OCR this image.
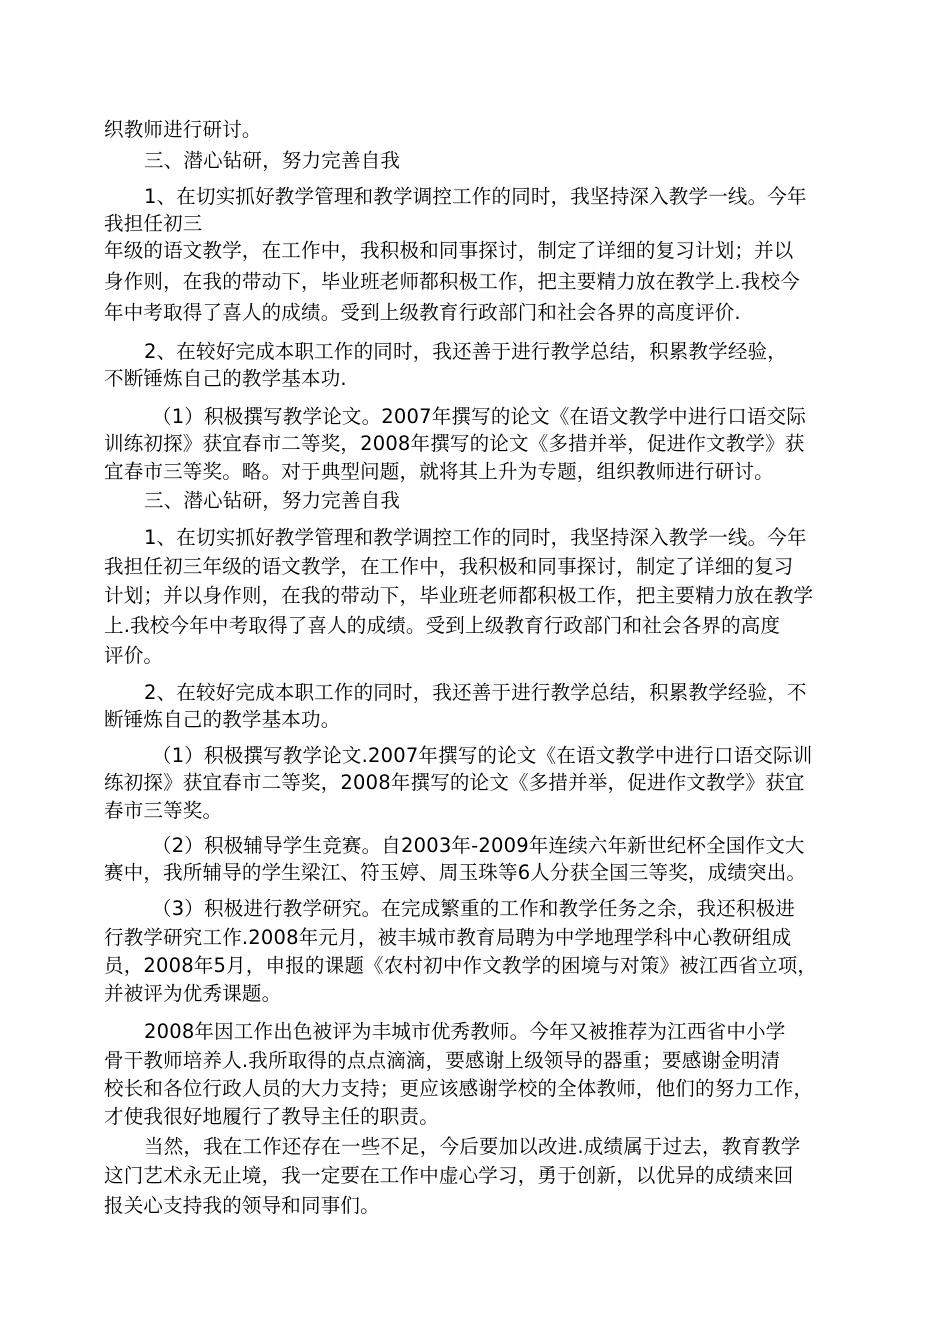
织教师进行研讨。
三、潜心钻研，努力完善自我
1、在切实抓好教学管理和教学调控工作的同时，我坚持深入教学一线。今年
我担任初三
年级的语文教学，在工作中，我积极和同事探讨，制定了详细的复习计划；并以
身作则，在我的带动下，毕业班老师都积极工作，把主要精力放在教学上.我校今
年中考取得了喜人的成绩。受到上级教育行政部门和社会各界的高度评价.
2、在较好完成本职工作的同时，我还善于进行教学总结，积累教学经验，
不断锤炼自己的教学基本功.
（1）积极撰写教学论文。2007年撰写的论文《在语文教学中进行口语交际
训练初探》获宜春市二等奖，2008年撰写的论文《多措并举，促进作文教学》获
宜春市三等奖。略。对于典型问题，就将其上升为专题，组织教师进行研讨。
三、潜心钻研，努力完善自我
1、在切实抓好教学管理和教学调控工作的同时，我坚持深入教学一线。今年
我担任初三年级的语文教学，在工作中，我积极和同事探讨，制定了详细的复习
计划；并以身作则，在我的带动下，毕业班老师都积极工作，把主要精力放在教学
上.我校今年中考取得了喜人的成绩。受到上级教育行政部门和社会各界的高度
评价。
2、在较好完成本职工作的同时，我还善于进行教学总结，积累教学经验，不
断锤炼自己的教学基本功。
（1）积极撰写教学论文.2007年撰写的论文《在语文教学中进行口语交际训
练初探》获宜春市二等奖，2008年撰写的论文《多措并举，促进作文教学》获宜
春市三等奖。
（2）积极辅导学生竞赛。自2003年-2009年连续六年新世纪杯全国作文大
赛中，我所辅导的学生梁江、符玉婷、周玉珠等6人分获全国三等奖，成绩突出。
（3）积极进行教学研究。在完成繁重的工作和教学任务之余，我还积极进
行教学研究工作.2008年元月，被丰城市教育局聘为中学地理学科中心教研组成
员，2008年5月，申报的课题《农村初中作文教学的困境与对策》被江西省立项，
并被评为优秀课题。
2008年因工作出色被评为丰城市优秀教师。今年又被推荐为江西省中小学
骨干教师培养人.我所取得的点点滴滴，要感谢上级领导的器重；要感谢金明清
校长和各位行政人员的大力支持；更应该感谢学校的全体教师，他们的努力工作，
才使我很好地履行了教导主任的职责。
当然，我在工作还存在一些不足，今后要加以改进.成绩属于过去，教育教学
这门艺术永无止境，我一定要在工作中虚心学习，勇于创新，以优异的成绩来回
报关心支持我的领导和同事们。
